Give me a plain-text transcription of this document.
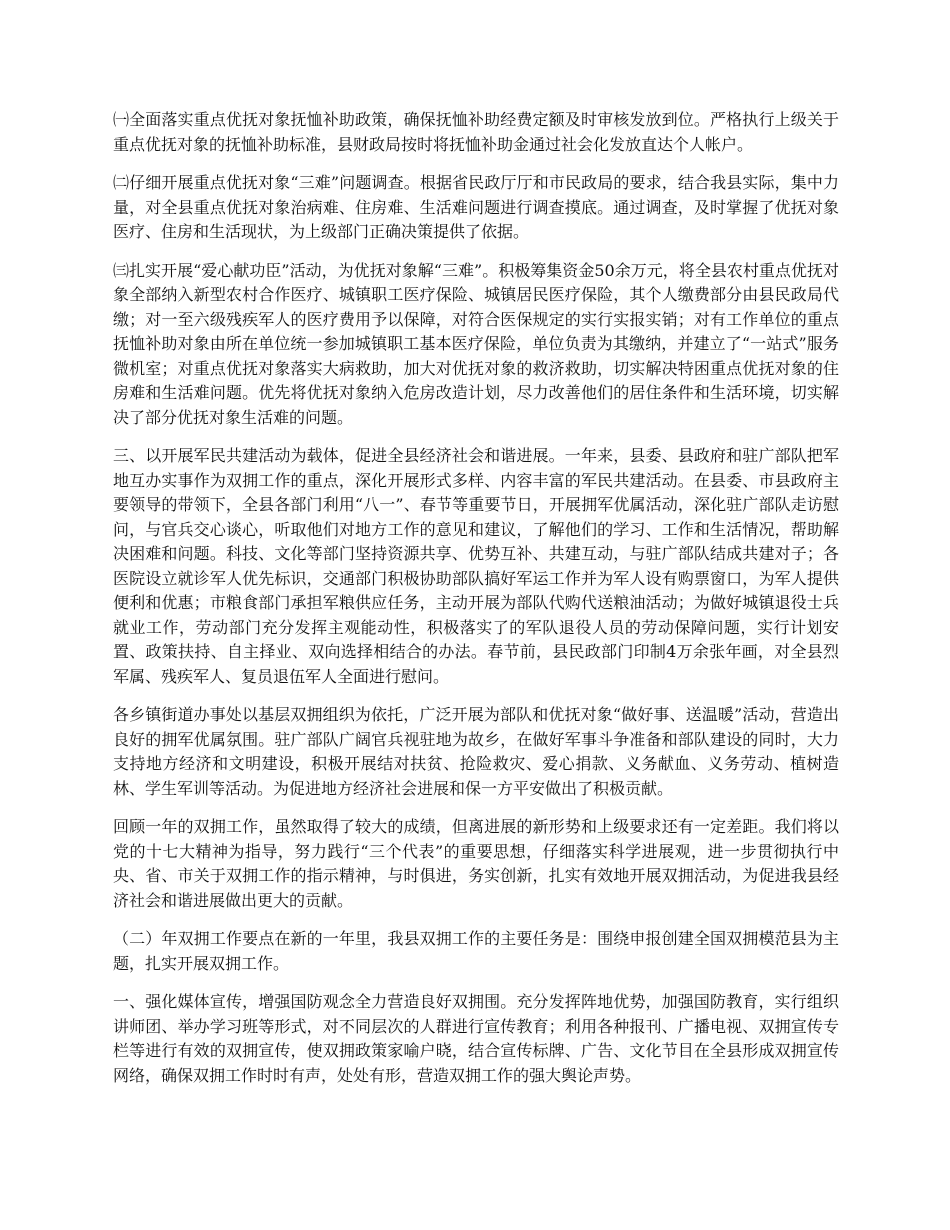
㈠全面落实重点优抚对象抚恤补助政策，确保抚恤补助经费定额及时审核发放到位。严格执行上级关于重点优抚对象的抚恤补助标准，县财政局按时将抚恤补助金通过社会化发放直达个人帐户。

㈡仔细开展重点优抚对象“三难”问题调查。根据省民政厅厅和市民政局的要求，结合我县实际，集中力量，对全县重点优抚对象治病难、住房难、生活难问题进行调查摸底。通过调查，及时掌握了优抚对象医疗、住房和生活现状，为上级部门正确决策提供了依据。

㈢扎实开展“爱心献功臣”活动，为优抚对象解“三难”。积极筹集资金50余万元，将全县农村重点优抚对象全部纳入新型农村合作医疗、城镇职工医疗保险、城镇居民医疗保险，其个人缴费部分由县民政局代缴；对一至六级残疾军人的医疗费用予以保障，对符合医保规定的实行实报实销；对有工作单位的重点抚恤补助对象由所在单位统一参加城镇职工基本医疗保险，单位负责为其缴纳，并建立了“一站式”服务微机室；对重点优抚对象落实大病救助，加大对优抚对象的救济救助，切实解决特困重点优抚对象的住房难和生活难问题。优先将优抚对象纳入危房改造计划，尽力改善他们的居住条件和生活环境，切实解决了部分优抚对象生活难的问题。

三、以开展军民共建活动为载体，促进全县经济社会和谐进展。一年来，县委、县政府和驻广部队把军地互办实事作为双拥工作的重点，深化开展形式多样、内容丰富的军民共建活动。在县委、市县政府主要领导的带领下，全县各部门利用“八一”、春节等重要节日，开展拥军优属活动，深化驻广部队走访慰问，与官兵交心谈心，听取他们对地方工作的意见和建议，了解他们的学习、工作和生活情况，帮助解决困难和问题。科技、文化等部门坚持资源共享、优势互补、共建互动，与驻广部队结成共建对子；各医院设立就诊军人优先标识，交通部门积极协助部队搞好军运工作并为军人设有购票窗口，为军人提供便利和优惠；市粮食部门承担军粮供应任务，主动开展为部队代购代送粮油活动；为做好城镇退役士兵就业工作，劳动部门充分发挥主观能动性，积极落实了的军队退役人员的劳动保障问题，实行计划安置、政策扶持、自主择业、双向选择相结合的办法。春节前，县民政部门印制4万余张年画，对全县烈军属、残疾军人、复员退伍军人全面进行慰问。

各乡镇街道办事处以基层双拥组织为依托，广泛开展为部队和优抚对象“做好事、送温暖”活动，营造出良好的拥军优属氛围。驻广部队广阔官兵视驻地为故乡，在做好军事斗争准备和部队建设的同时，大力支持地方经济和文明建设，积极开展结对扶贫、抢险救灾、爱心捐款、义务献血、义务劳动、植树造林、学生军训等活动。为促进地方经济社会进展和保一方平安做出了积极贡献。

回顾一年的双拥工作，虽然取得了较大的成绩，但离进展的新形势和上级要求还有一定差距。我们将以党的十七大精神为指导，努力践行“三个代表”的重要思想，仔细落实科学进展观，进一步贯彻执行中央、省、市关于双拥工作的指示精神，与时俱进，务实创新，扎实有效地开展双拥活动，为促进我县经济社会和谐进展做出更大的贡献。

（二）年双拥工作要点在新的一年里，我县双拥工作的主要任务是：围绕申报创建全国双拥模范县为主题，扎实开展双拥工作。

一、强化媒体宣传，增强国防观念全力营造良好双拥围。充分发挥阵地优势，加强国防教育，实行组织讲师团、举办学习班等形式，对不同层次的人群进行宣传教育；利用各种报刊、广播电视、双拥宣传专栏等进行有效的双拥宣传，使双拥政策家喻户晓，结合宣传标牌、广告、文化节目在全县形成双拥宣传网络，确保双拥工作时时有声，处处有形，营造双拥工作的强大舆论声势。
